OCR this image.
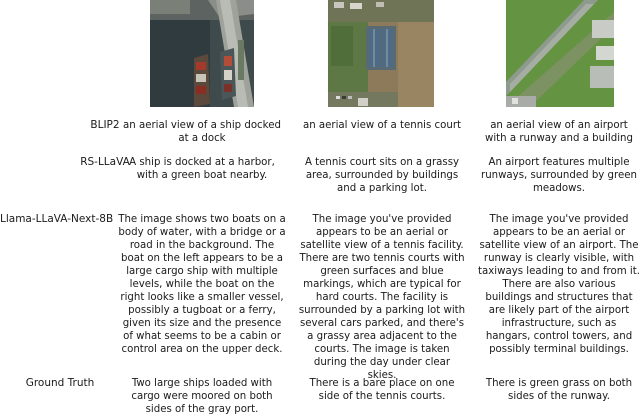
BLIP2 an aerial view of a ship docked at a dock
an aerial view of a tennis court	an aerial view of an airport with a runway and a building
RS-LLaVA A ship is docked at a harbor, with a green boat nearby.
A tennis court sits on a grassy area, surrounded by buildings and a parking lot.
An airport features multiple runways, surrounded by green meadows.
Llama-LLaVA-Next-8B The image shows two boats on a body of water, with a bridge or a road in the background. The boat on the left appears to be a large cargo ship with multiple levels, while the boat on the right looks like a smaller vessel, possibly a tugboat or a ferry, given its size and the presence of what seems to be a cabin or control area on the upper deck.
The image you've provided appears to be an aerial or satellite view of a tennis facility. There are two tennis courts with green surfaces and blue markings, which are typical for hard courts. The facility is surrounded by a parking lot with several cars parked, and there's a grassy area adjacent to the courts. The image is taken during the day under clear skies.
The image you've provided appears to be an aerial or satellite view of an airport. The runway is clearly visible, with taxiways leading to and from it. There are also various buildings and structures that are likely part of the airport infrastructure, such as hangars, control towers, and possibly terminal buildings.
Ground Truth	Two large ships loaded with cargo were moored on both sides of the gray port.
There is a bare place on one side of the tennis courts.
There is green grass on both sides of the runway.
